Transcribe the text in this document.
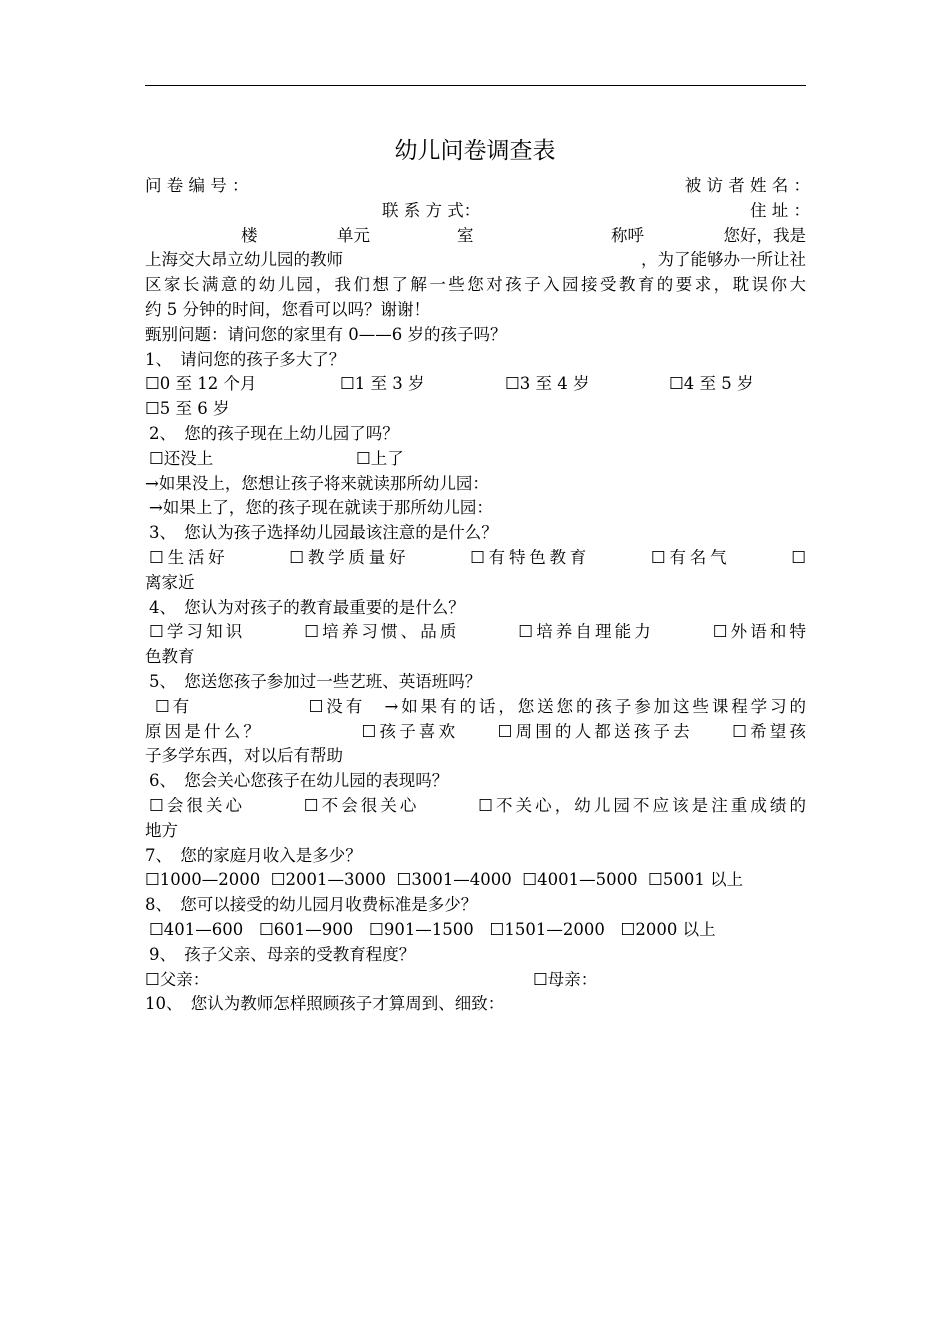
幼儿问卷调查表

问 卷 编 号 ：

	被 访 者 姓 名 ：

联 系 方 式：

	住 址 ：

楼

	单元

	室

	称呼

	您好，我是

上海交大昂立幼儿园的教师

	，为了能够办一所让社

区家长满意的幼儿园，我们想了解一些您对孩子入园接受教育的要求，耽误你大
约 5 分钟的时间，您看可以吗？谢谢！
甄别问题：请问您的家里有 0——6 岁的孩子吗？
1、　请问您的孩子多大了？

☐0 至 12 个月

	☐1 至 3 岁

	☐3 至 4 岁

	☐4 至 5 岁

☐5 至 6 岁
2、　您的孩子现在上幼儿园了吗？

☐还没上

	☐上了

→如果没上，您想让孩子将来就读那所幼儿园：
→如果上了，您的孩子现在就读于那所幼儿园：
3、　您认为孩子选择幼儿园最该注意的是什么？
☐生活好　　　☐教学质量好　　　☐有特色教育　　　☐有名气　　　☐
离家近
4、　您认为对孩子的教育最重要的是什么？
☐学习知识　　　☐培养习惯、品质　　　☐培养自理能力　　　☐外语和特
色教育
5、　您送您孩子参加过一些艺班、英语班吗？
☐有　　　　　　☐没有　→如果有的话，您送您的孩子参加这些课程学习的
原因是什么？　　　　　☐孩子喜欢　　☐周围的人都送孩子去　　☐希望孩
子多学东西，对以后有帮助
6、　您会关心您孩子在幼儿园的表现吗？
☐会很关心　　　☐不会很关心　　　☐不关心，幼儿园不应该是注重成绩的
地方
7、　您的家庭月收入是多少？
☐1000—2000  ☐2001—3000  ☐3001—4000  ☐4001—5000  ☐5001 以上
8、　您可以接受的幼儿园月收费标准是多少？
☐401—600   ☐601—900   ☐901—1500   ☐1501—2000   ☐2000 以上
9、　孩子父亲、母亲的受教育程度？

☐父亲：

	☐母亲：

10、　您认为教师怎样照顾孩子才算周到、细致：
